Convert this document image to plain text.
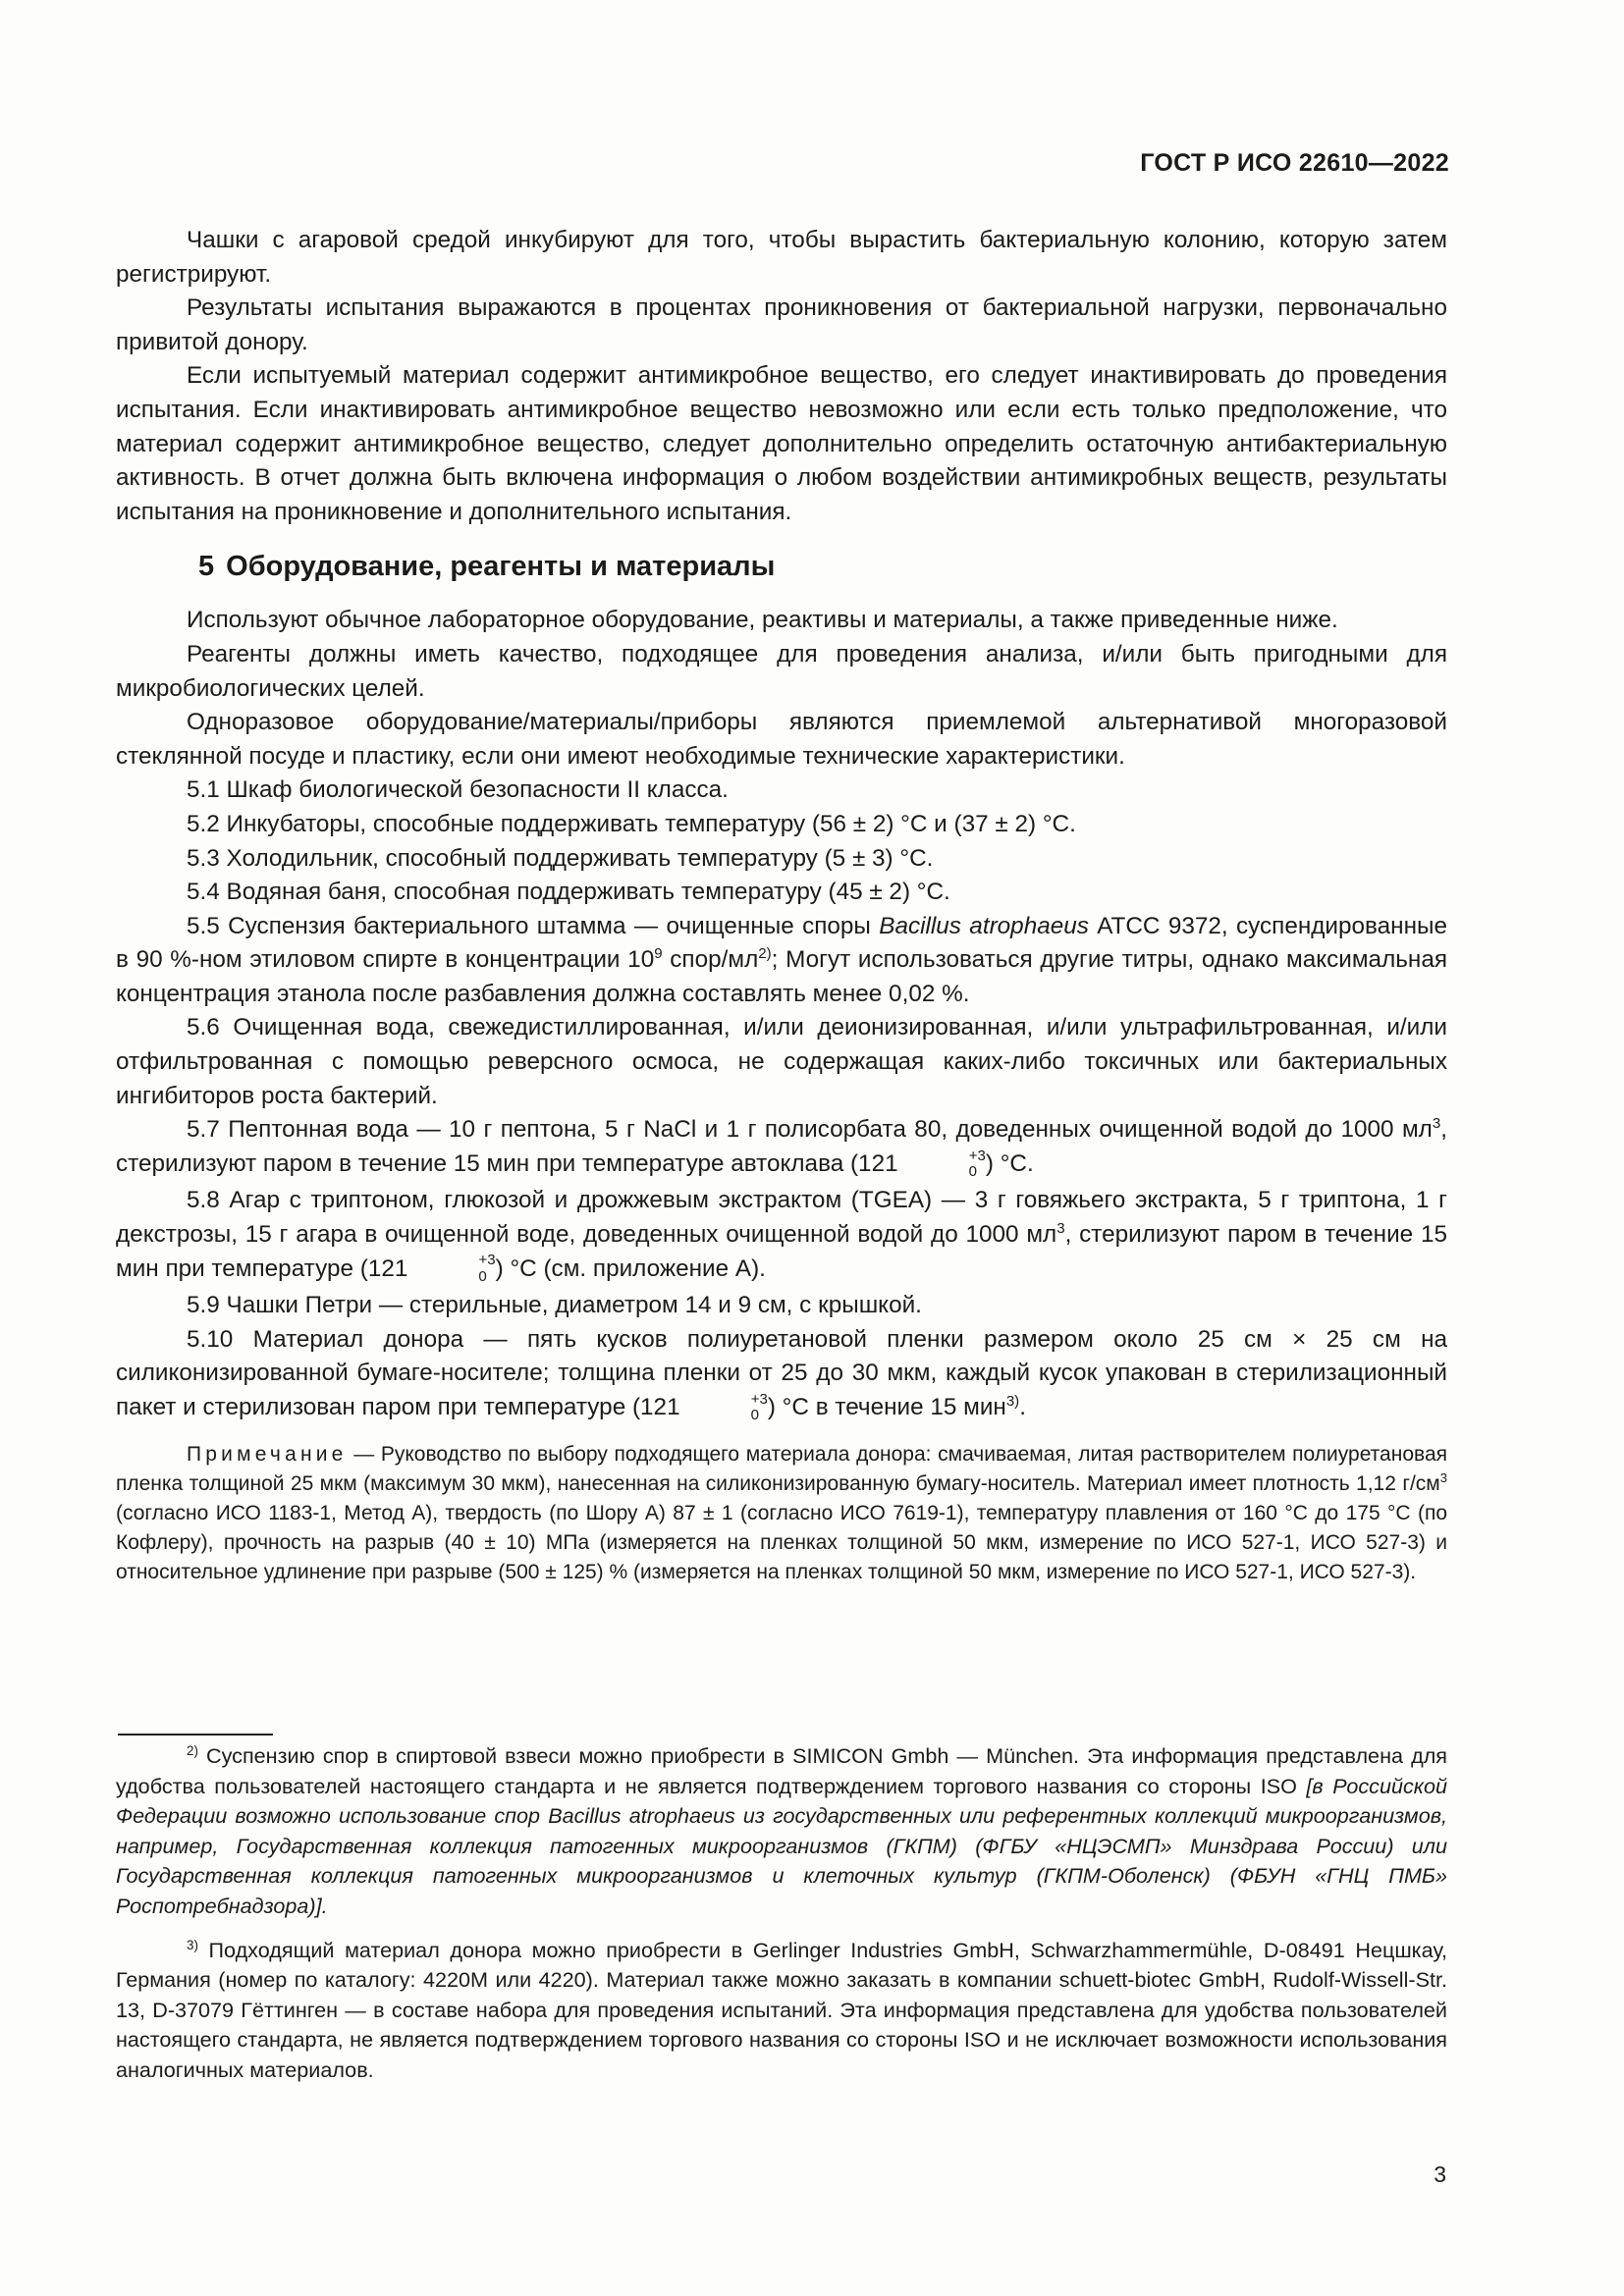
ГОСТ Р ИСО 22610—2022

Чашки с агаровой средой инкубируют для того, чтобы вырастить бактериальную колонию, которую затем регистрируют.

Результаты испытания выражаются в процентах проникновения от бактериальной нагрузки, первоначально привитой донору.

Если испытуемый материал содержит антимикробное вещество, его следует инактивировать до проведения испытания. Если инактивировать антимикробное вещество невозможно или если есть только предположение, что материал содержит антимикробное вещество, следует дополнительно определить остаточную антибактериальную активность. В отчет должна быть включена информация о любом воздействии антимикробных веществ, результаты испытания на проникновение и дополнительного испытания.

5 Оборудование, реагенты и материалы

Используют обычное лабораторное оборудование, реактивы и материалы, а также приведенные ниже.

Реагенты должны иметь качество, подходящее для проведения анализа, и/или быть пригодными для микробиологических целей.

Одноразовое оборудование/материалы/приборы являются приемлемой альтернативой многоразовой стеклянной посуде и пластику, если они имеют необходимые технические характеристики.

5.1 Шкаф биологической безопасности II класса.

5.2 Инкубаторы, способные поддерживать температуру (56 ± 2) °С и (37 ± 2) °С.

5.3 Холодильник, способный поддерживать температуру (5 ± 3) °С.

5.4 Водяная баня, способная поддерживать температуру (45 ± 2) °С.

5.5 Суспензия бактериального штамма — очищенные споры Bacillus atrophaeus АТСС 9372, суспендированные в 90 %-ном этиловом спирте в концентрации $10^9$ спор/$мл^{2)}$; Могут использоваться другие титры, однако максимальная концентрация этанола после разбавления должна составлять менее 0,02 %.

5.6 Очищенная вода, свежедистиллированная, и/или деионизированная, и/или ультрафильтрованная, и/или отфильтрованная с помощью реверсного осмоса, не содержащая каких-либо токсичных или бактериальных ингибиторов роста бактерий.

5.7 Пептонная вода — 10 г пептона, 5 г NaCl и 1 г полисорбата 80, доведенных очищенной водой до 1000 $мл^3$, стерилизуют паром в течение 15 мин при температуре автоклава (121	$_0^{+3}$) °С.

5.8 Агар с триптоном, глюкозой и дрожжевым экстрактом (TGEA) — 3 г говяжьего экстракта, 5 г триптона, 1 г декстрозы, 15 г агара в очищенной воде, доведенных очищенной водой до 1000 $мл^3$, стерилизуют паром в течение 15 мин при температуре (121	$_0^{+3}$) °С (см. приложение А).

5.9 Чашки Петри — стерильные, диаметром 14 и 9 см, с крышкой.

5.10 Материал донора — пять кусков полиуретановой пленки размером около 25 см × 25 см на силиконизированной бумаге-носителе; толщина пленки от 25 до 30 мкм, каждый кусок упакован в стерилизационный пакет и стерилизован паром при температуре (121	$_0^{+3}$) °С в течение 15 мин$^{3)}$.

Примечание — Руководство по выбору подходящего материала донора: смачиваемая, литая растворителем полиуретановая пленка толщиной 25 мкм (максимум 30 мкм), нанесенная на силиконизированную бумагу-носитель. Материал имеет плотность 1,12 $г/см^3$ (согласно ИСО 1183-1, Метод А), твердость (по Шору А) 87 ± 1 (согласно ИСО 7619-1), температуру плавления от 160 °С до 175 °С (по Кофлеру), прочность на разрыв (40 ± 10) МПа (измеряется на пленках толщиной 50 мкм, измерение по ИСО 527-1, ИСО 527-3) и относительное удлинение при разрыве (500 ± 125) % (измеряется на пленках толщиной 50 мкм, измерение по ИСО 527-1, ИСО 527-3).

$^{2)}$ Суспензию спор в спиртовой взвеси можно приобрести в SIMICON Gmbh — München. Эта информация представлена для удобства пользователей настоящего стандарта и не является подтверждением торгового названия со стороны ISO [в Российской Федерации возможно использование спор Bacillus atrophaeus из государственных или референтных коллекций микроорганизмов, например, Государственная коллекция патогенных микроорганизмов (ГКПМ) (ФГБУ «НЦЭСМП» Минздрава России) или Государственная коллекция патогенных микроорганизмов и клеточных культур (ГКПМ-Оболенск) (ФБУН «ГНЦ ПМБ» Роспотребнадзора)].

$^{3)}$ Подходящий материал донора можно приобрести в Gerlinger Industries GmbH, Schwarzhammermühle, D-08491 Нецшкау, Германия (номер по каталогу: 4220M или 4220). Материал также можно заказать в компании schuett-biotec GmbH, Rudolf-Wissell-Str. 13, D-37079 Гёттинген — в составе набора для проведения испытаний. Эта информация представлена для удобства пользователей настоящего стандарта, не является подтверждением торгового названия со стороны ISO и не исключает возможности использования аналогичных материалов.

3
